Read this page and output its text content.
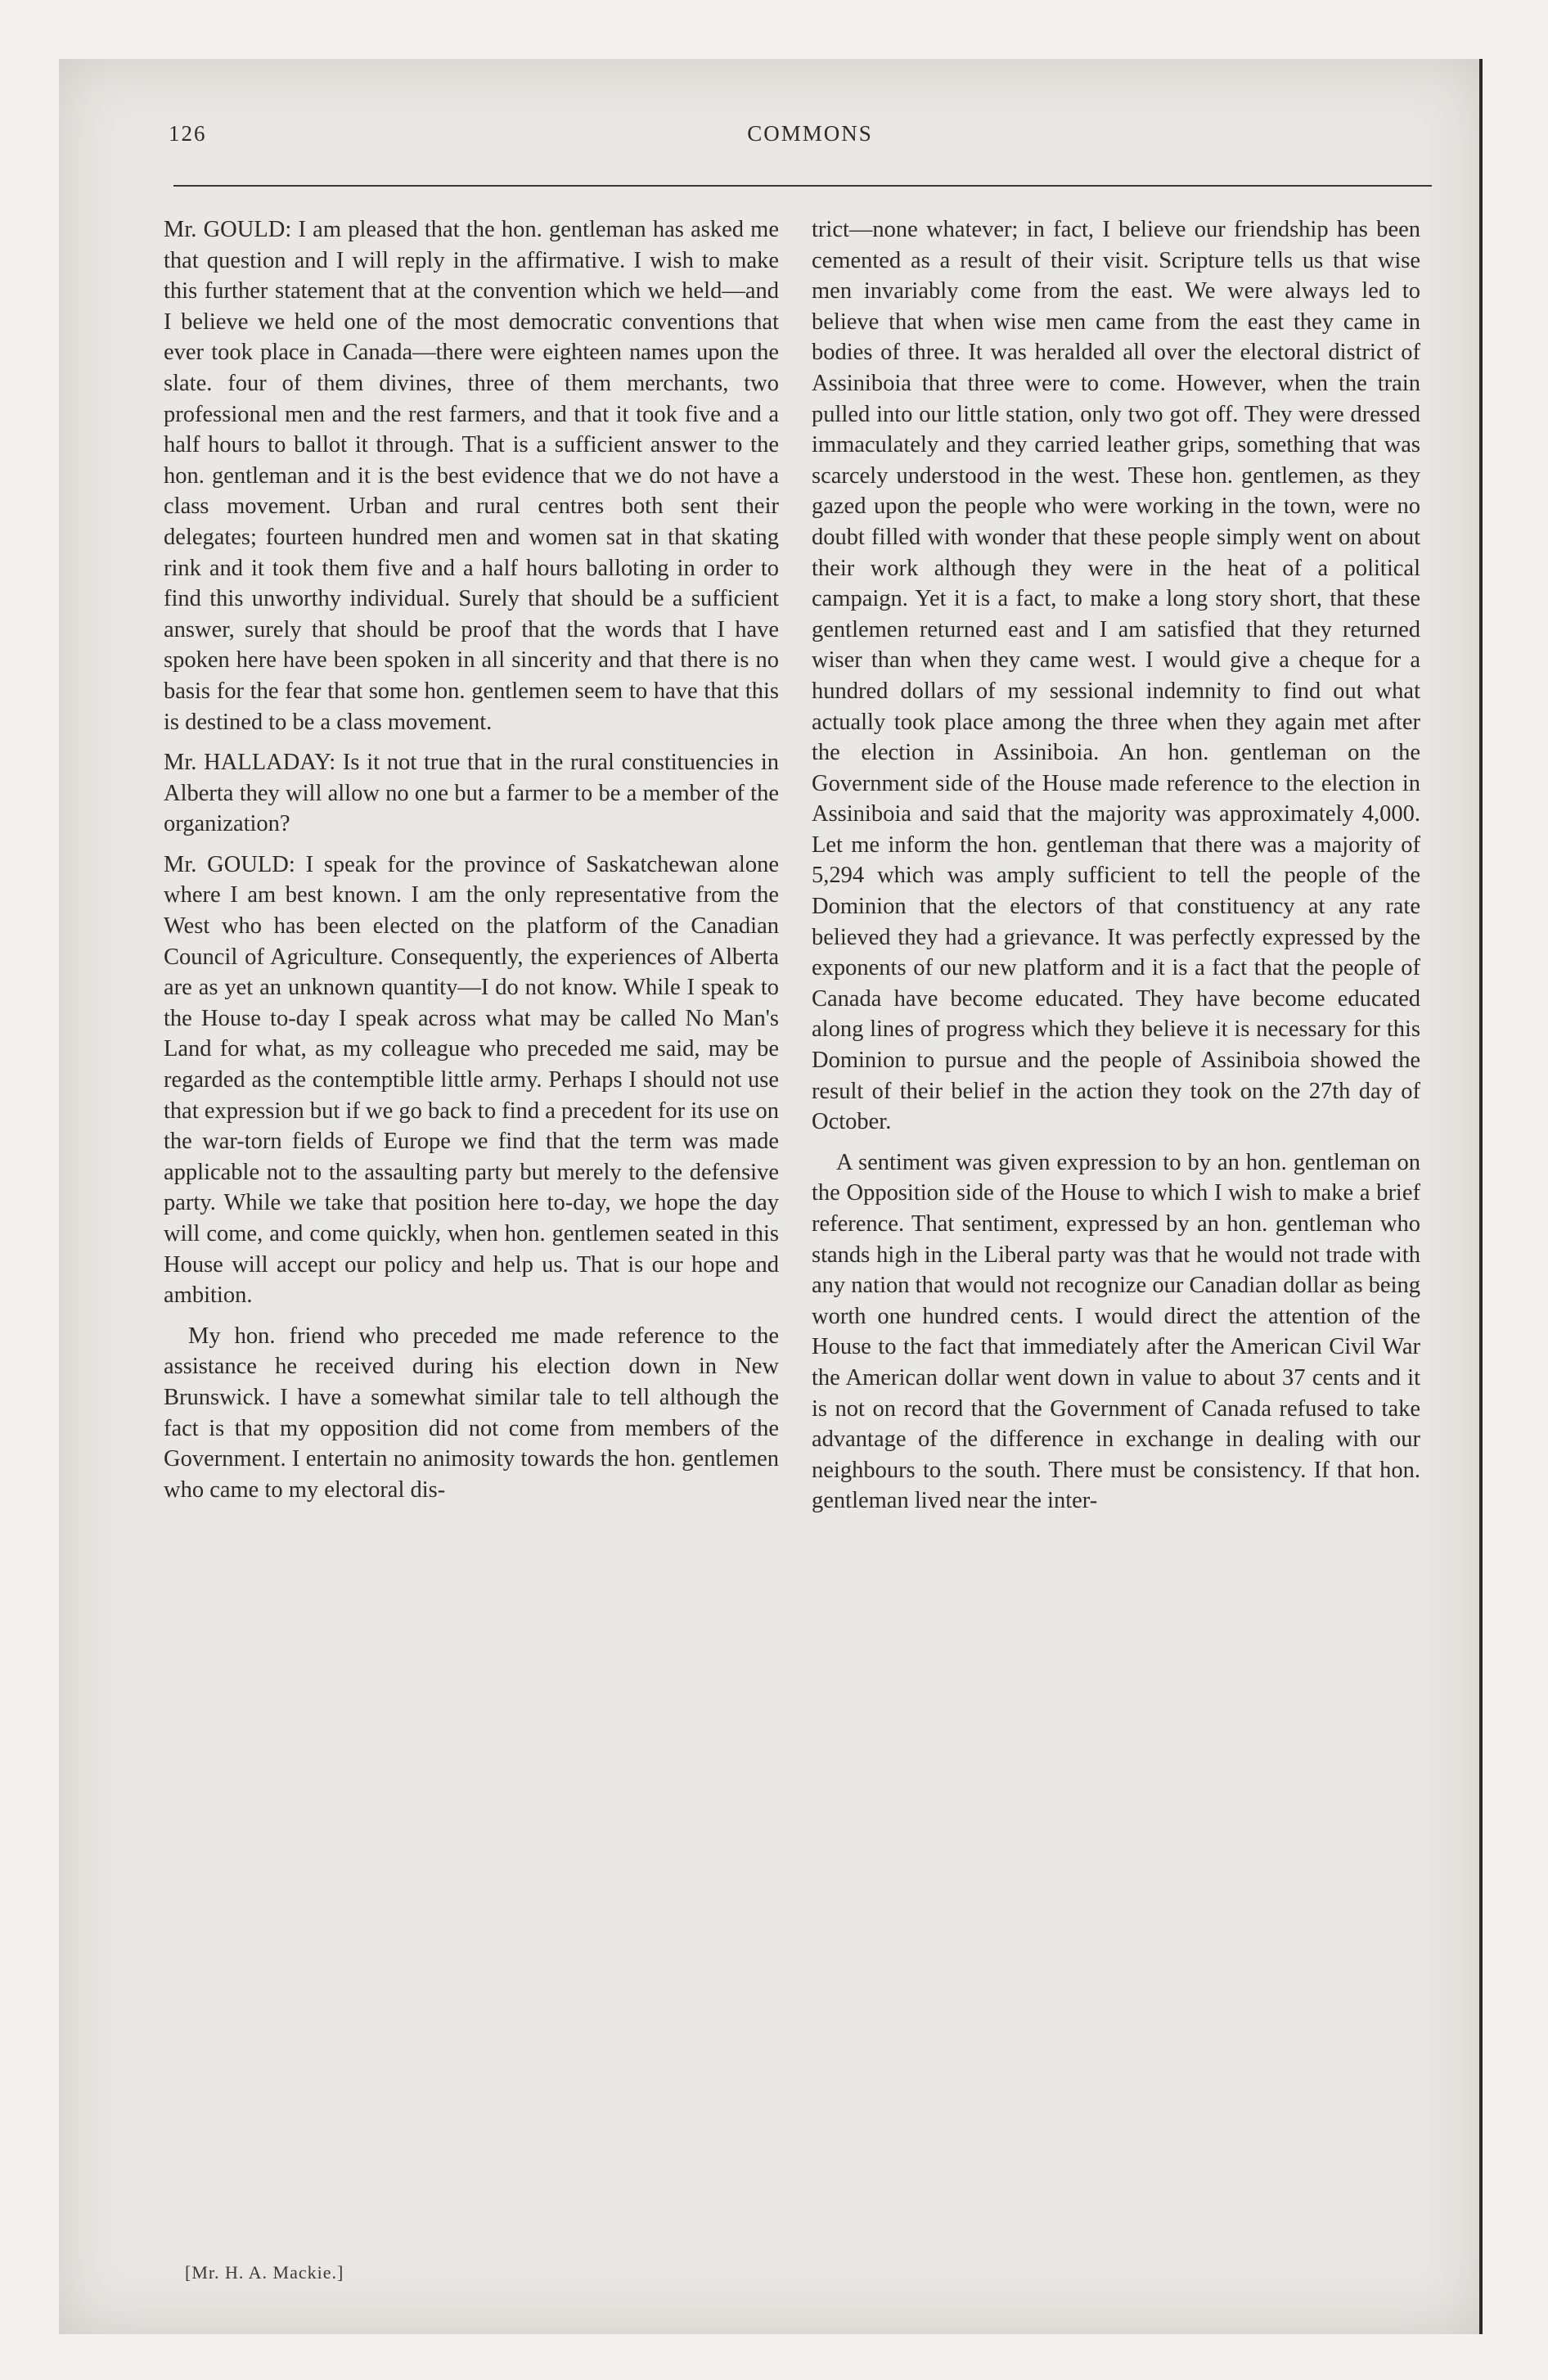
126	COMMONS

Mr. GOULD: I am pleased that the hon. gentleman has asked me that question and I will reply in the affirmative. I wish to make this further statement that at the convention which we held—and I believe we held one of the most democratic conventions that ever took place in Canada—there were eighteen names upon the slate. four of them divines, three of them merchants, two professional men and the rest farmers, and that it took five and a half hours to ballot it through. That is a sufficient answer to the hon. gentleman and it is the best evidence that we do not have a class movement. Urban and rural centres both sent their delegates; fourteen hundred men and women sat in that skating rink and it took them five and a half hours balloting in order to find this unworthy individual. Surely that should be a sufficient answer, surely that should be proof that the words that I have spoken here have been spoken in all sincerity and that there is no basis for the fear that some hon. gentlemen seem to have that this is destined to be a class movement.

Mr. HALLADAY: Is it not true that in the rural constituencies in Alberta they will allow no one but a farmer to be a member of the organization?

Mr. GOULD: I speak for the province of Saskatchewan alone where I am best known. I am the only representative from the West who has been elected on the platform of the Canadian Council of Agriculture. Consequently, the experiences of Alberta are as yet an unknown quantity—I do not know. While I speak to the House to-day I speak across what may be called No Man's Land for what, as my colleague who preceded me said, may be regarded as the contemptible little army. Perhaps I should not use that expression but if we go back to find a precedent for its use on the war-torn fields of Europe we find that the term was made applicable not to the assaulting party but merely to the defensive party. While we take that position here to-day, we hope the day will come, and come quickly, when hon. gentlemen seated in this House will accept our policy and help us. That is our hope and ambition.

My hon. friend who preceded me made reference to the assistance he received during his election down in New Brunswick. I have a somewhat similar tale to tell although the fact is that my opposition did not come from members of the Government. I entertain no animosity towards the hon. gentlemen who came to my electoral dis-

trict—none whatever; in fact, I believe our friendship has been cemented as a result of their visit. Scripture tells us that wise men invariably come from the east. We were always led to believe that when wise men came from the east they came in bodies of three. It was heralded all over the electoral district of Assiniboia that three were to come. However, when the train pulled into our little station, only two got off. They were dressed immaculately and they carried leather grips, something that was scarcely understood in the west. These hon. gentlemen, as they gazed upon the people who were working in the town, were no doubt filled with wonder that these people simply went on about their work although they were in the heat of a political campaign. Yet it is a fact, to make a long story short, that these gentlemen returned east and I am satisfied that they returned wiser than when they came west. I would give a cheque for a hundred dollars of my sessional indemnity to find out what actually took place among the three when they again met after the election in Assiniboia. An hon. gentleman on the Government side of the House made reference to the election in Assiniboia and said that the majority was approximately 4,000. Let me inform the hon. gentleman that there was a majority of 5,294 which was amply sufficient to tell the people of the Dominion that the electors of that constituency at any rate believed they had a grievance. It was perfectly expressed by the exponents of our new platform and it is a fact that the people of Canada have become educated. They have become educated along lines of progress which they believe it is necessary for this Dominion to pursue and the people of Assiniboia showed the result of their belief in the action they took on the 27th day of October.

A sentiment was given expression to by an hon. gentleman on the Opposition side of the House to which I wish to make a brief reference. That sentiment, expressed by an hon. gentleman who stands high in the Liberal party was that he would not trade with any nation that would not recognize our Canadian dollar as being worth one hundred cents. I would direct the attention of the House to the fact that immediately after the American Civil War the American dollar went down in value to about 37 cents and it is not on record that the Government of Canada refused to take advantage of the difference in exchange in dealing with our neighbours to the south. There must be consistency. If that hon. gentleman lived near the inter-

[Mr. H. A. Mackie.]
